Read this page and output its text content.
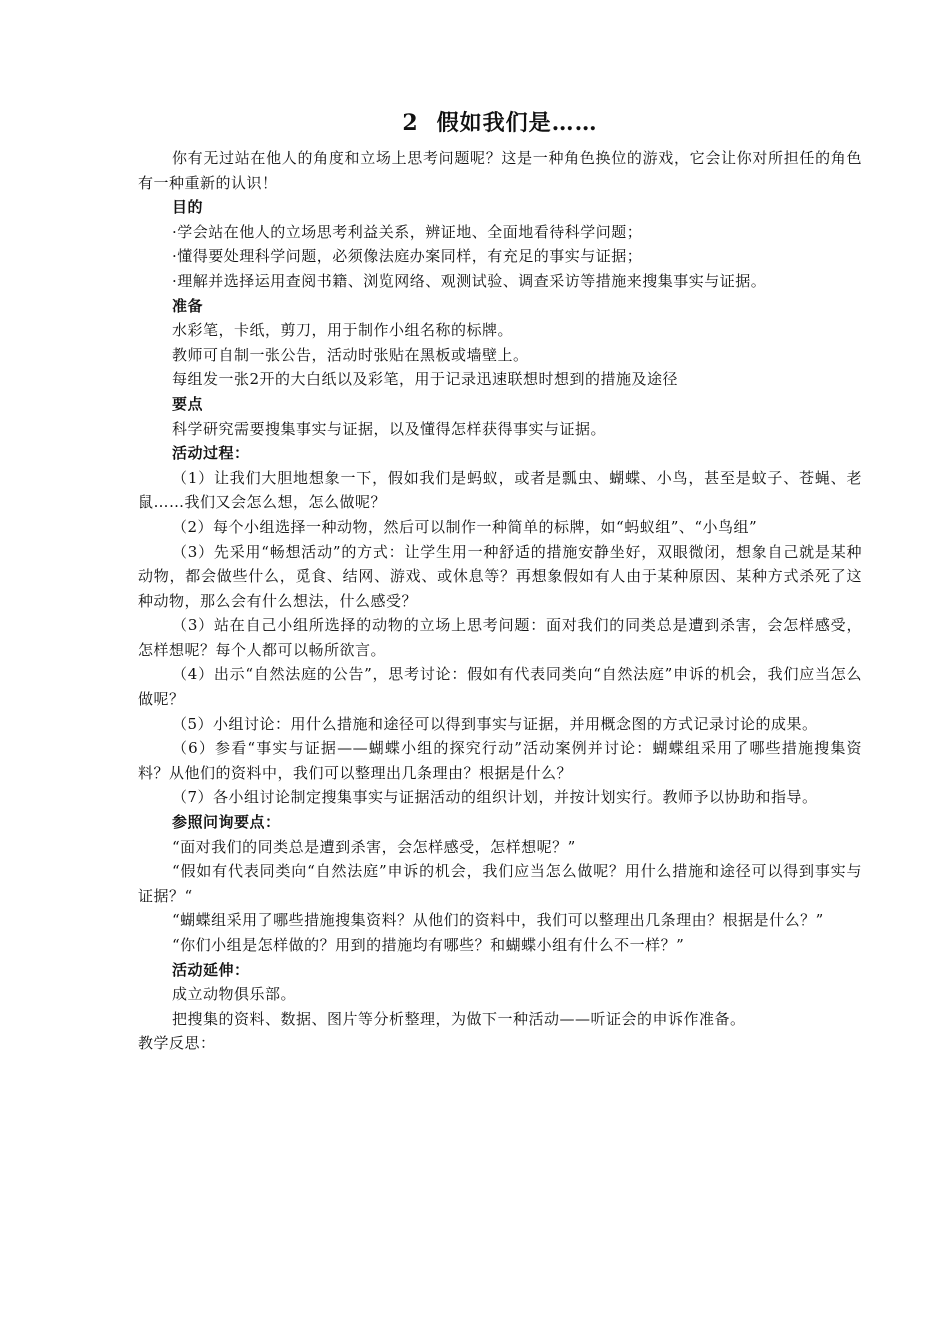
2 假如我们是……

你有无过站在他人的角度和立场上思考问题呢？这是一种角色换位的游戏，它会让你对所担任的角色有一种重新的认识！

目的

·学会站在他人的立场思考利益关系，辨证地、全面地看待科学问题；

·懂得要处理科学问题，必须像法庭办案同样，有充足的事实与证据；

·理解并选择运用查阅书籍、浏览网络、观测试验、调查采访等措施来搜集事实与证据。

准备

水彩笔，卡纸，剪刀，用于制作小组名称的标牌。

教师可自制一张公告，活动时张贴在黑板或墙壁上。

每组发一张2开的大白纸以及彩笔，用于记录迅速联想时想到的措施及途径

要点

科学研究需要搜集事实与证据，以及懂得怎样获得事实与证据。

活动过程：

（1）让我们大胆地想象一下，假如我们是蚂蚁，或者是瓢虫、蝴蝶、小鸟，甚至是蚊子、苍蝇、老鼠……我们又会怎么想，怎么做呢？

（2）每个小组选择一种动物，然后可以制作一种简单的标牌，如“蚂蚁组”、“小鸟组”

（3）先采用“畅想活动”的方式：让学生用一种舒适的措施安静坐好，双眼微闭，想象自己就是某种动物，都会做些什么，觅食、结网、游戏、或休息等？再想象假如有人由于某种原因、某种方式杀死了这种动物，那么会有什么想法，什么感受？

（3）站在自己小组所选择的动物的立场上思考问题：面对我们的同类总是遭到杀害，会怎样感受，怎样想呢？每个人都可以畅所欲言。

（4）出示“自然法庭的公告”，思考讨论：假如有代表同类向“自然法庭”申诉的机会，我们应当怎么做呢？

（5）小组讨论：用什么措施和途径可以得到事实与证据，并用概念图的方式记录讨论的成果。

（6）参看“事实与证据——蝴蝶小组的探究行动”活动案例并讨论：蝴蝶组采用了哪些措施搜集资料？从他们的资料中，我们可以整理出几条理由？根据是什么？

（7）各小组讨论制定搜集事实与证据活动的组织计划，并按计划实行。教师予以协助和指导。

参照问询要点：

“面对我们的同类总是遭到杀害，会怎样感受，怎样想呢？”

“假如有代表同类向“自然法庭”申诉的机会，我们应当怎么做呢？用什么措施和途径可以得到事实与证据？“

“蝴蝶组采用了哪些措施搜集资料？从他们的资料中，我们可以整理出几条理由？根据是什么？”

“你们小组是怎样做的？用到的措施均有哪些？和蝴蝶小组有什么不一样？”

活动延伸：

成立动物俱乐部。

把搜集的资料、数据、图片等分析整理，为做下一种活动——听证会的申诉作准备。

教学反思：
